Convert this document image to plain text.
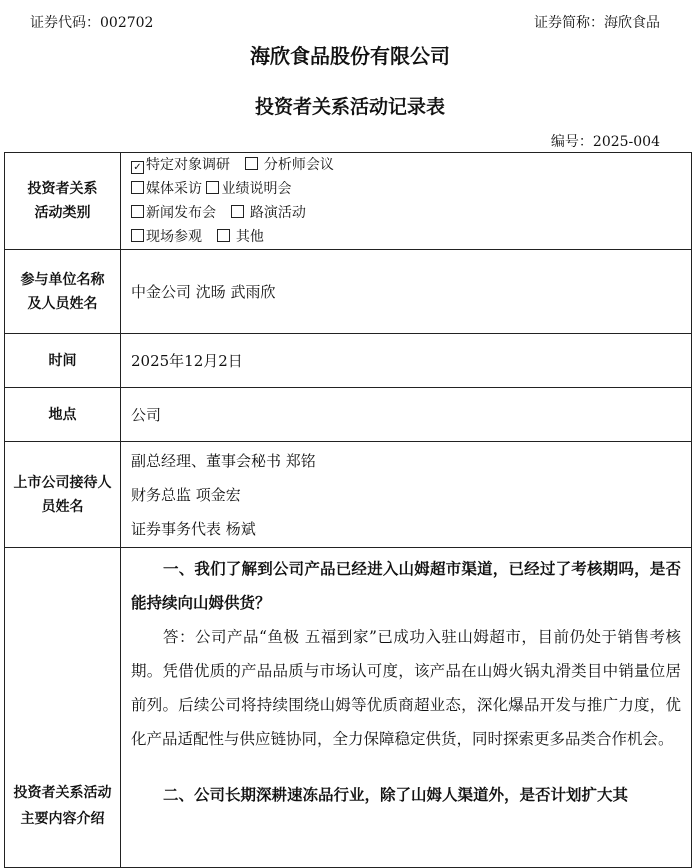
证券代码：002702	证券简称：海欣食品
海欣食品股份有限公司
投资者关系活动记录表
编号：2025-004
投资者关系活动类别	✓ 特定对象调研 分析师会议
媒体采访 业绩说明会
新闻发布会 路演活动
现场参观 其他

参与单位名称及人员姓名	中金公司 沈旸 武雨欣
时间	2025年12月2日
地点	公司

上市公司接待人员姓名	副总经理、董事会秘书 郑铭
财务总监 项金宏
证券事务代表 杨斌

投资者关系活动主要内容介绍	一、我们了解到公司产品已经进入山姆超市渠道，已经过了考核期吗，是否能持续向山姆供货？

答：公司产品“鱼极 五福到家”已成功入驻山姆超市，目前仍处于销售考核期。凭借优质的产品品质与市场认可度，该产品在山姆火锅丸滑类目中销量位居前列。后续公司将持续围绕山姆等优质商超业态，深化爆品开发与推广力度，优化产品适配性与供应链协同，全力保障稳定供货，同时探索更多品类合作机会。

二、公司长期深耕速冻品行业，除了山姆人渠道外，是否计划扩大其
